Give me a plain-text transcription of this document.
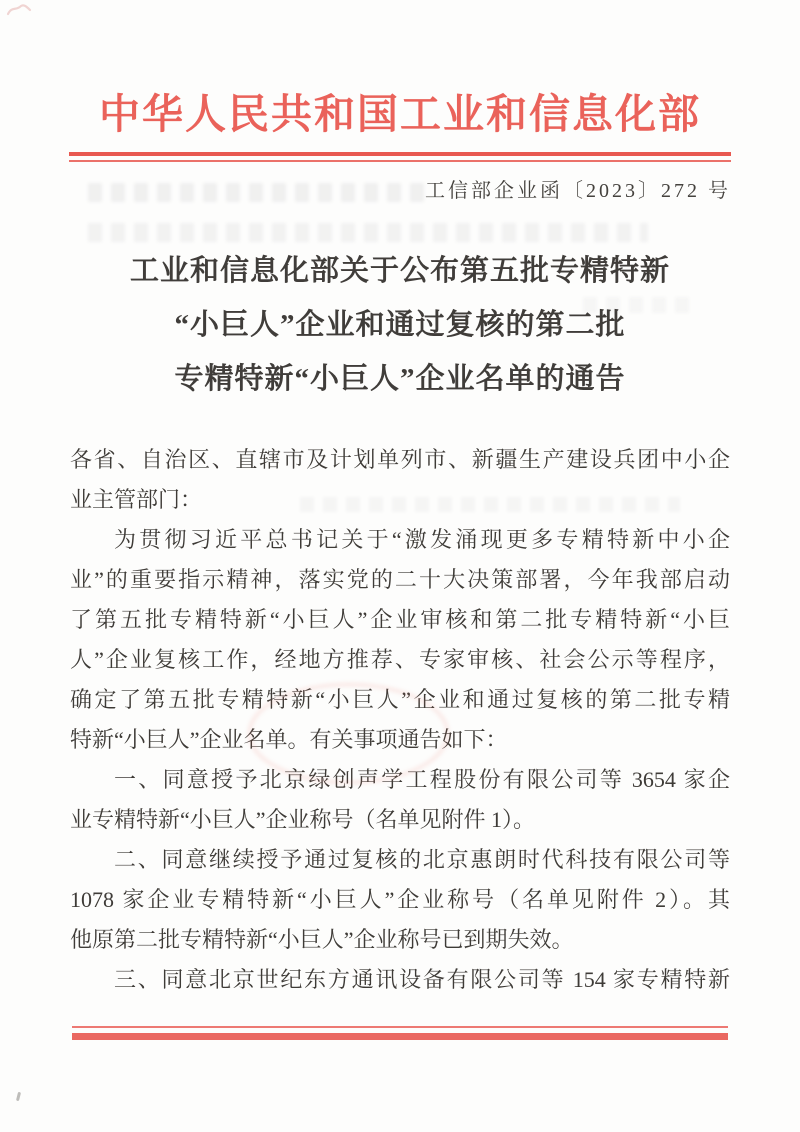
中华人民共和国工业和信息化部
工信部企业函〔2023〕272 号
工业和信息化部关于公布第五批专精特新
“小巨人”企业和通过复核的第二批
专精特新“小巨人”企业名单的通告
各省、自治区、直辖市及计划单列市、新疆生产建设兵团中小企
业主管部门：
为贯彻习近平总书记关于“激发涌现更多专精特新中小企
业”的重要指示精神，落实党的二十大决策部署，今年我部启动
了第五批专精特新“小巨人”企业审核和第二批专精特新“小巨
人”企业复核工作，经地方推荐、专家审核、社会公示等程序，
确定了第五批专精特新“小巨人”企业和通过复核的第二批专精
特新“小巨人”企业名单。有关事项通告如下：
一、同意授予北京绿创声学工程股份有限公司等 3654 家企
业专精特新“小巨人”企业称号（名单见附件 1）。
二、同意继续授予通过复核的北京惠朗时代科技有限公司等
1078 家企业专精特新“小巨人”企业称号（名单见附件 2）。其
他原第二批专精特新“小巨人”企业称号已到期失效。
三、同意北京世纪东方通讯设备有限公司等 154 家专精特新
